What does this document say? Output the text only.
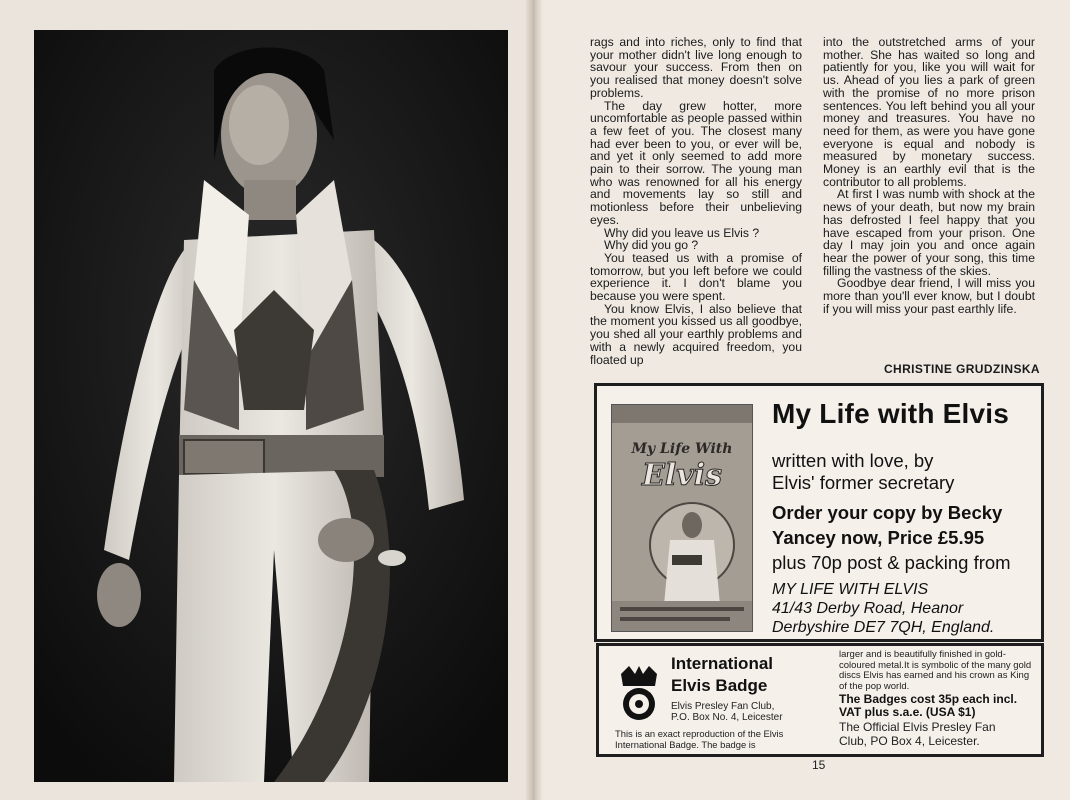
rags and into riches, only to find that your mother didn't live long enough to savour your success. From then on you realised that money doesn't solve problems.

The day grew hotter, more uncomfortable as people passed within a few feet of you. The closest many had ever been to you, or ever will be, and yet it only seemed to add more pain to their sorrow. The young man who was renowned for all his energy and movements lay so still and motionless before their unbelieving eyes.

Why did you leave us Elvis ?

Why did you go ?

You teased us with a promise of tomorrow, but you left before we could experience it. I don't blame you because you were spent.

You know Elvis, I also believe that the moment you kissed us all goodbye, you shed all your earthly problems and with a newly acquired freedom, you floated up

into the outstretched arms of your mother. She has waited so long and patiently for you, like you will wait for us. Ahead of you lies a park of green with the promise of no more prison sentences. You left behind you all your money and treasures. You have no need for them, as were you have gone everyone is equal and nobody is measured by monetary success. Money is an earthly evil that is the contributor to all problems.

At first I was numb with shock at the news of your death, but now my brain has defrosted I feel happy that you have escaped from your prison. One day I may join you and once again hear the power of your song, this time filling the vastness of the skies.

Goodbye dear friend, I will miss you more than you'll ever know, but I doubt if you will miss your past earthly life.

CHRISTINE GRUDZINSKA
My Life With
Elvis
My Life with Elvis
written with love, by
Elvis' former secretary
Order your copy by Becky
Yancey now, Price £5.95
plus 70p post & packing from
MY LIFE WITH ELVIS
41/43 Derby Road, Heanor
Derbyshire DE7 7QH, England.
International
Elvis Badge
Elvis Presley Fan Club,
P.O. Box No. 4, Leicester
This is an exact reproduction of the Elvis International Badge. The badge is
larger and is beautifully finished in gold-coloured metal.It is symbolic of the many gold discs Elvis has earned and his crown as King of the pop world.
The Badges cost 35p each incl.
VAT plus s.a.e. (USA $1)
The Official Elvis Presley Fan
Club, PO Box 4, Leicester.
15
